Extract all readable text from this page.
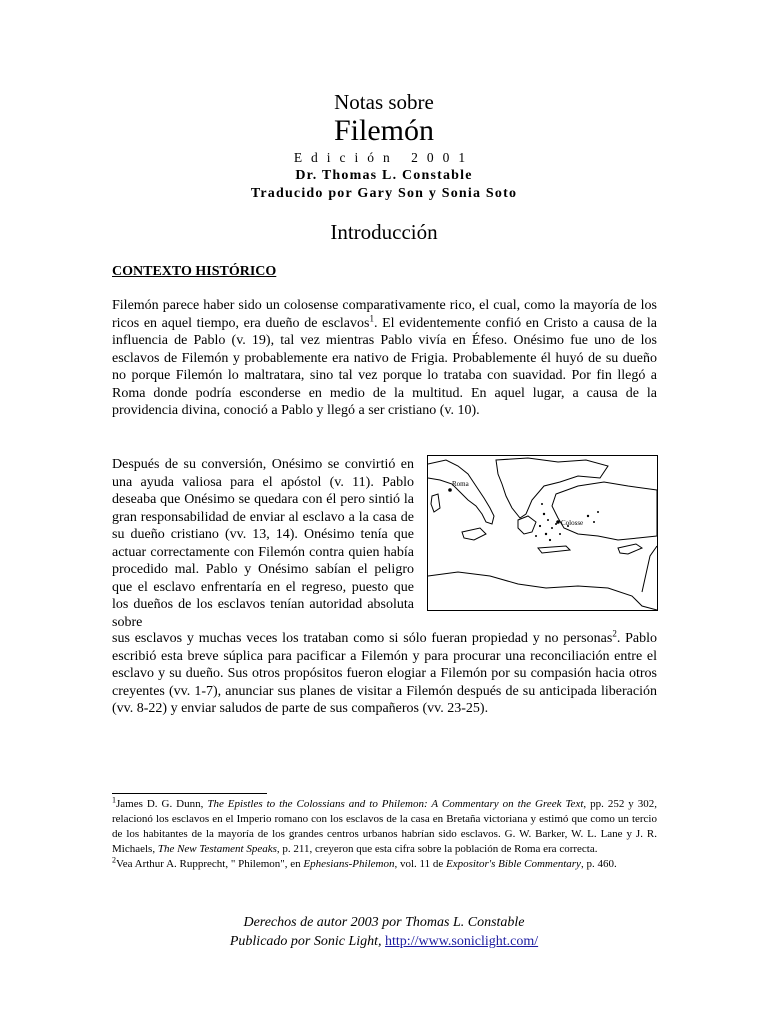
Notas sobre
Filemón
Edición 2001
Dr. Thomas L. Constable
Traducido por Gary Son y Sonia Soto
Introducción
CONTEXTO HISTÓRICO
Filemón parece haber sido un colosense comparativamente rico, el cual, como la mayoría de los ricos en aquel tiempo, era dueño de esclavos$^1$. El evidentemente confió en Cristo a causa de la influencia de Pablo (v. 19), tal vez mientras Pablo vivía en Éfeso. Onésimo fue uno de los esclavos de Filemón y probablemente era nativo de Frigia. Probablemente él huyó de su dueño no porque Filemón lo maltratara, sino tal vez porque lo trataba con suavidad. Por fin llegó a Roma donde podría esconderse en medio de la multitud. En aquel lugar, a causa de la providencia divina, conoció a Pablo y llegó a ser cristiano (v. 10).
Después de su conversión, Onésimo se convirtió en una ayuda valiosa para el apóstol (v. 11). Pablo deseaba que Onésimo se quedara con él pero sintió la gran responsabilidad de enviar al esclavo a la casa de su dueño cristiano (vv. 13, 14). Onésimo tenía que actuar correctamente con Filemón contra quien había procedido mal. Pablo y Onésimo sabían el peligro que el esclavo enfrentaría en el regreso, puesto que los dueños de los esclavos tenían autoridad absoluta sobre
Roma
Colosse
sus esclavos y muchas veces los trataban como si sólo fueran propiedad y no personas$^2$. Pablo escribió esta breve súplica para pacificar a Filemón y para procurar una reconciliación entre el esclavo y su dueño. Sus otros propósitos fueron elogiar a Filemón por su compasión hacia otros creyentes (vv. 1-7), anunciar sus planes de visitar a Filemón después de su anticipada liberación (vv. 8-22) y enviar saludos de parte de sus compañeros (vv. 23-25).

$^1$James D. G. Dunn, The Epistles to the Colossians and to Philemon: A Commentary on the Greek Text, pp. 252 y 302, relacionó los esclavos en el Imperio romano con los esclavos de la casa en Bretaña victoriana y estimó que como un tercio de los habitantes de la mayoría de los grandes centros urbanos habrían sido esclavos. G. W. Barker, W. L. Lane y J. R. Michaels, The New Testament Speaks, p. 211, creyeron que esta cifra sobre la población de Roma era correcta.

$^2$Vea Arthur A. Rupprecht, " Philemon", en Ephesians-Philemon, vol. 11 de Expositor's Bible Commentary, p. 460.

Derechos de autor 2003 por Thomas L. Constable
Publicado por Sonic Light, http://www.soniclight.com/
